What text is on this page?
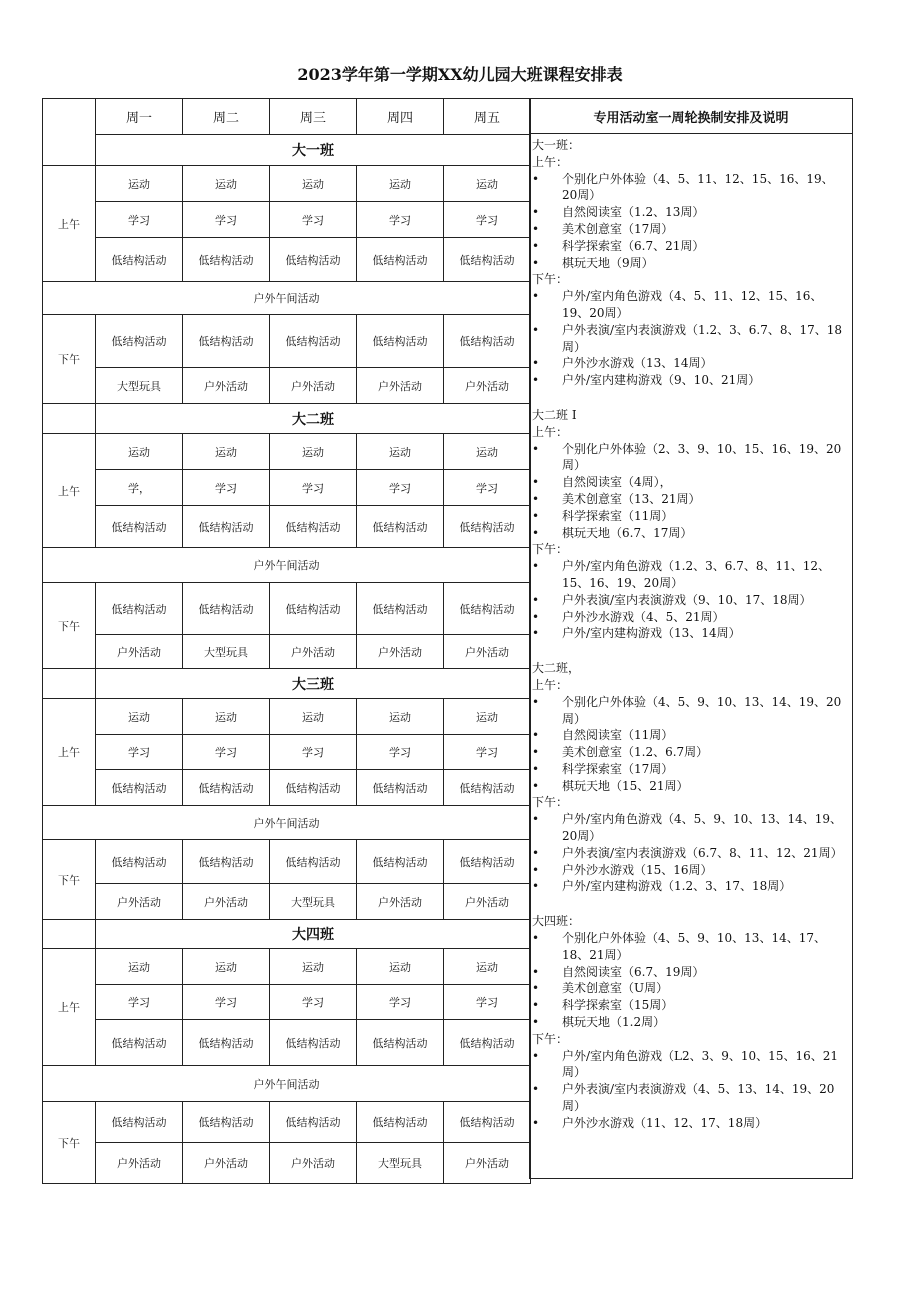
2023学年第一学期XX幼儿园大班课程安排表
	周一	周二	周三	周四	周五
	大一班				
上午	运动	运动	运动	运动	运动
	学习	学习	学习	学习	学习
	低结构活动	低结构活动	低结构活动	低结构活动	低结构活动
户外午间活动					
下午	低结构活动	低结构活动	低结构活动	低结构活动	低结构活动
	大型玩具	户外活动	户外活动	户外活动	户外活动
	大二班				
上午	运动	运动	运动	运动	运动
	学，	学习	学习	学习	学习
	低结构活动	低结构活动	低结构活动	低结构活动	低结构活动
户外午间活动					
下午	低结构活动	低结构活动	低结构活动	低结构活动	低结构活动
	户外活动	大型玩具	户外活动	户外活动	户外活动
	大三班				
上午	运动	运动	运动	运动	运动
	学习	学习	学习	学习	学习
	低结构活动	低结构活动	低结构活动	低结构活动	低结构活动
户外午间活动					
下午	低结构活动	低结构活动	低结构活动	低结构活动	低结构活动
	户外活动	户外活动	大型玩具	户外活动	户外活动
	大四班				
上午	运动	运动	运动	运动	运动
	学习	学习	学习	学习	学习
	低结构活动	低结构活动	低结构活动	低结构活动	低结构活动
户外午间活动					
下午	低结构活动	低结构活动	低结构活动	低结构活动	低结构活动
	户外活动	户外活动	户外活动	大型玩具	户外活动
专用活动室一周轮换制安排及说明
大一班：
上午：
• 个别化户外体验（4、5、11、12、15、16、19、20周）
• 自然阅读室（1.2、13周）
• 美术创意室（17周）
• 科学探索室（6.7、21周）
• 棋玩天地（9周）
下午：
• 户外/室内角色游戏（4、5、11、12、15、16、19、20周）
• 户外表演/室内表演游戏（1.2、3、6.7、8、17、18周）
• 户外沙水游戏（13、14周）
• 户外/室内建构游戏（9、10、21周）
大二班 I
上午：
• 个别化户外体验（2、3、9、10、15、16、19、20周）
• 自然阅读室（4周），
• 美术创意室（13、21周）
• 科学探索室（11周）
• 棋玩天地（6.7、17周）
下午：
• 户外/室内角色游戏（1.2、3、6.7、8、11、12、15、16、19、20周）
• 户外表演/室内表演游戏（9、10、17、18周）
• 户外沙水游戏（4、5、21周）
• 户外/室内建构游戏（13、14周）
大二班，
上午：
• 个别化户外体验（4、5、9、10、13、14、19、20周）
• 自然阅读室（11周）
• 美术创意室（1.2、6.7周）
• 科学探索室（17周）
• 棋玩天地（15、21周）
下午：
• 户外/室内角色游戏（4、5、9、10、13、14、19、20周）
• 户外表演/室内表演游戏（6.7、8、11、12、21周）
• 户外沙水游戏（15、16周）
• 户外/室内建构游戏（1.2、3、17、18周）
大四班：
• 个别化户外体验（4、5、9、10、13、14、17、18、21周）
• 自然阅读室（6.7、19周）
• 美术创意室（U周）
• 科学探索室（15周）
• 棋玩天地（1.2周）
下午：
• 户外/室内角色游戏（L2、3、9、10、15、16、21周）
• 户外表演/室内表演游戏（4、5、13、14、19、20周）
• 户外沙水游戏（11、12、17、18周）
